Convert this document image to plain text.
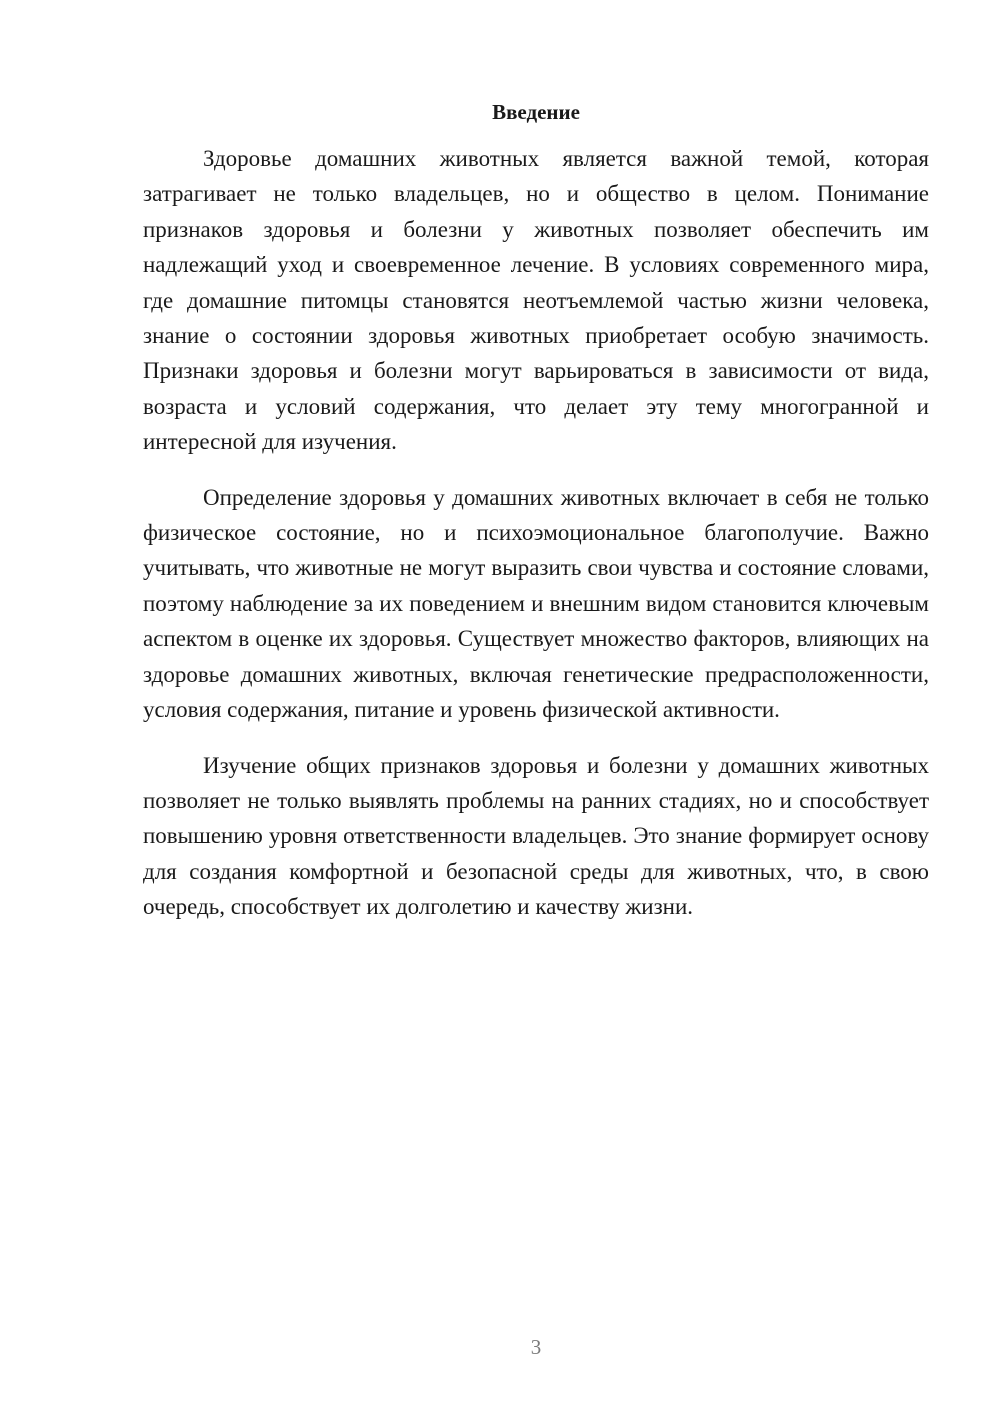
Введение

Здоровье домашних животных является важной темой, которая затрагивает не только владельцев, но и общество в целом. Понимание признаков здоровья и болезни у животных позволяет обеспечить им надлежащий уход и своевременное лечение. В условиях современного мира, где домашние питомцы становятся неотъемлемой частью жизни человека, знание о состоянии здоровья животных приобретает особую значимость. Признаки здоровья и болезни могут варьироваться в зависимости от вида, возраста и условий содержания, что делает эту тему многогранной и интересной для изучения.

Определение здоровья у домашних животных включает в себя не только физическое состояние, но и психоэмоциональное благополучие. Важно учитывать, что животные не могут выразить свои чувства и состояние словами, поэтому наблюдение за их поведением и внешним видом становится ключевым аспектом в оценке их здоровья. Существует множество факторов, влияющих на здоровье домашних животных, включая генетические предрасположенности, условия содержания, питание и уровень физической активности.

Изучение общих признаков здоровья и болезни у домашних животных позволяет не только выявлять проблемы на ранних стадиях, но и способствует повышению уровня ответственности владельцев. Это знание формирует основу для создания комфортной и безопасной среды для животных, что, в свою очередь, способствует их долголетию и качеству жизни.

3
